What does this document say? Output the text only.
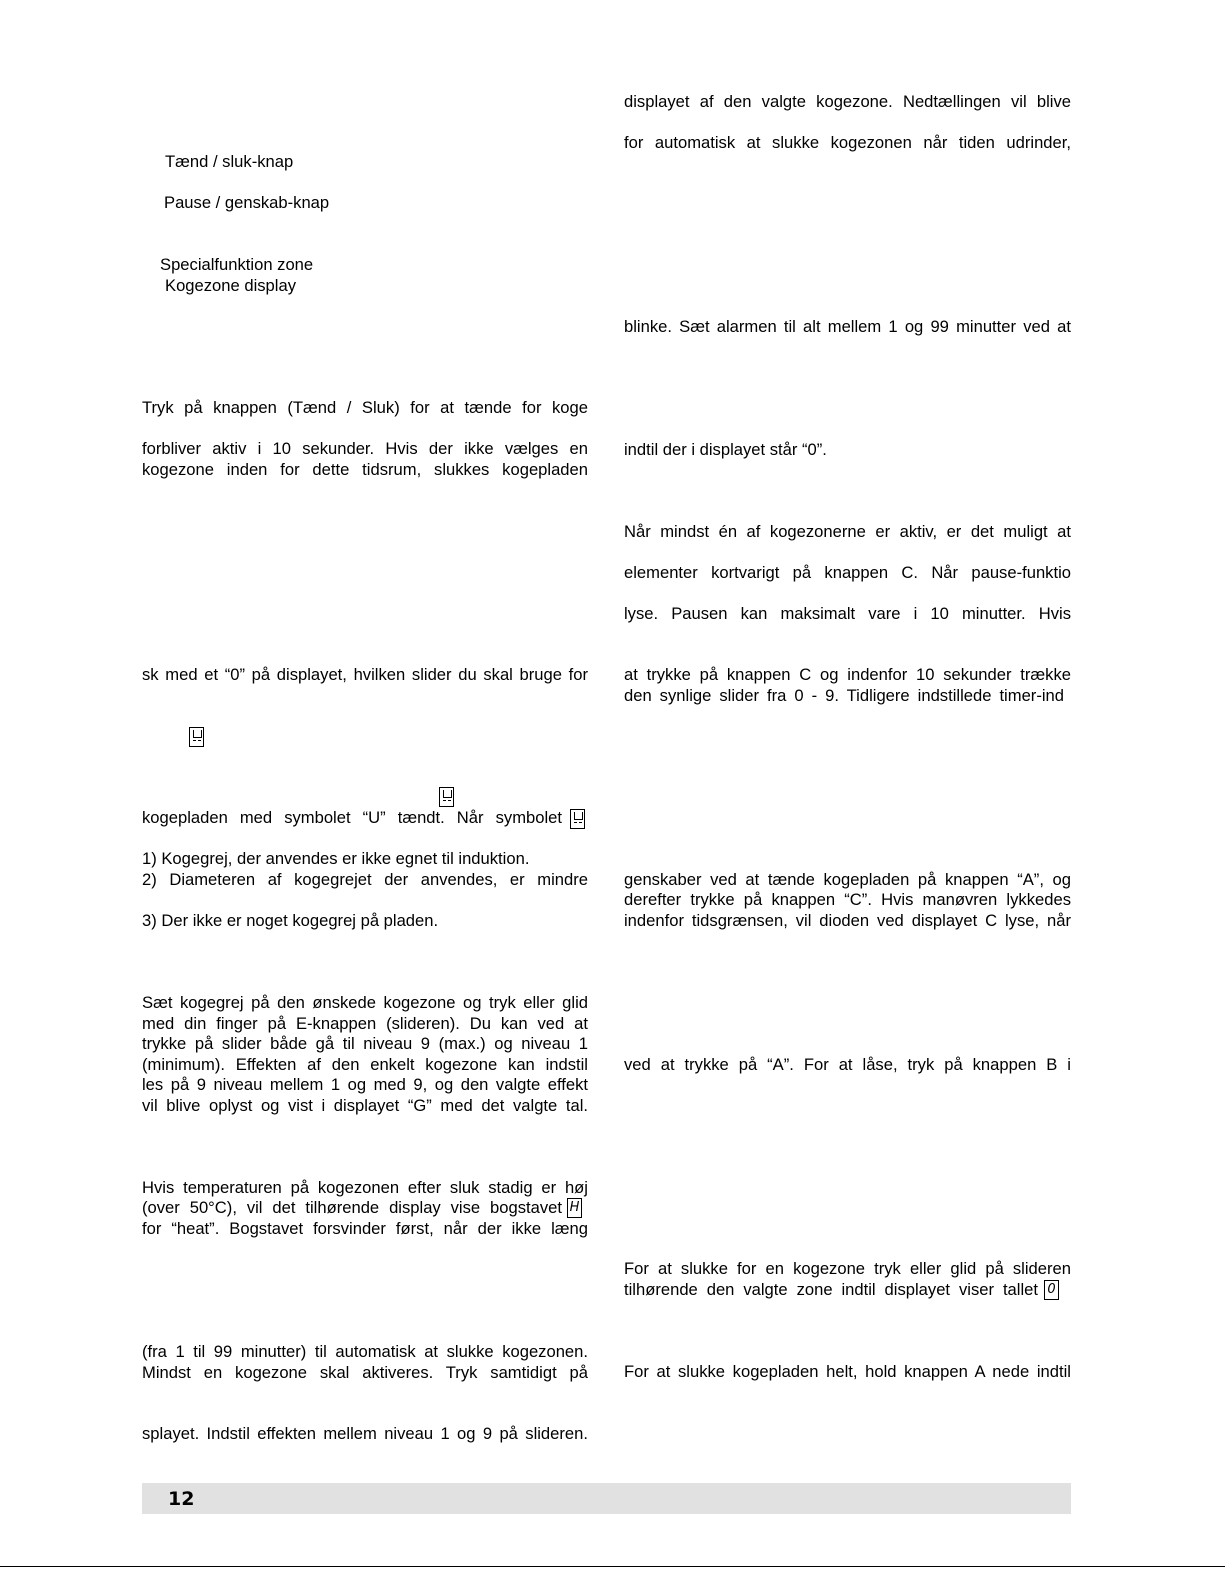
Tænd / sluk-knap
Pause / genskab-knap
Specialfunktion zone
Kogezone display
Tryk på knappen (Tænd / Sluk) for at tænde for koge
forbliver aktiv i 10 sekunder. Hvis der ikke vælges en
kogezone inden for dette tidsrum, slukkes kogepladen
sk med et “0” på displayet, hvilken slider du skal bruge for
kogepladen med symbolet “U” tændt. Når symbolet
1) Kogegrej, der anvendes er ikke egnet til induktion.
2) Diameteren af kogegrejet der anvendes, er mindre
3) Der ikke er noget kogegrej på pladen.
Sæt kogegrej på den ønskede kogezone og tryk eller glid
med din finger på E-knappen (slideren). Du kan ved at
trykke på slider både gå til niveau 9 (max.) og niveau 1
(minimum). Effekten af den enkelt kogezone kan indstil
les på 9 niveau mellem 1 og med 9, og den valgte effekt
vil blive oplyst og vist i displayet “G” med det valgte tal.
Hvis temperaturen på kogezonen efter sluk stadig er høj
(over 50°C), vil det tilhørende display vise bogstavet H
for “heat”. Bogstavet forsvinder først, når der ikke læng
(fra 1 til 99 minutter) til automatisk at slukke kogezonen.
Mindst en kogezone skal aktiveres. Tryk samtidigt på
splayet. Indstil effekten mellem niveau 1 og 9 på slideren.
displayet af den valgte kogezone. Nedtællingen vil blive
for automatisk at slukke kogezonen når tiden udrinder,
blinke. Sæt alarmen til alt mellem 1 og 99 minutter ved at
indtil der i displayet står “0”.
Når mindst én af kogezonerne er aktiv, er det muligt at
elementer kortvarigt på knappen C. Når pause-funktio
lyse. Pausen kan maksimalt vare i 10 minutter. Hvis
at trykke på knappen C og indenfor 10 sekunder trække
den synlige slider fra 0 - 9. Tidligere indstillede timer-ind
genskaber ved at tænde kogepladen på knappen “A”, og
derefter trykke på knappen “C”. Hvis manøvren lykkedes
indenfor tidsgrænsen, vil dioden ved displayet C lyse, når
ved at trykke på “A”. For at låse, tryk på knappen B i
For at slukke for en kogezone tryk eller glid på slideren
tilhørende den valgte zone indtil displayet viser tallet 0
For at slukke kogepladen helt, hold knappen A nede indtil
12
